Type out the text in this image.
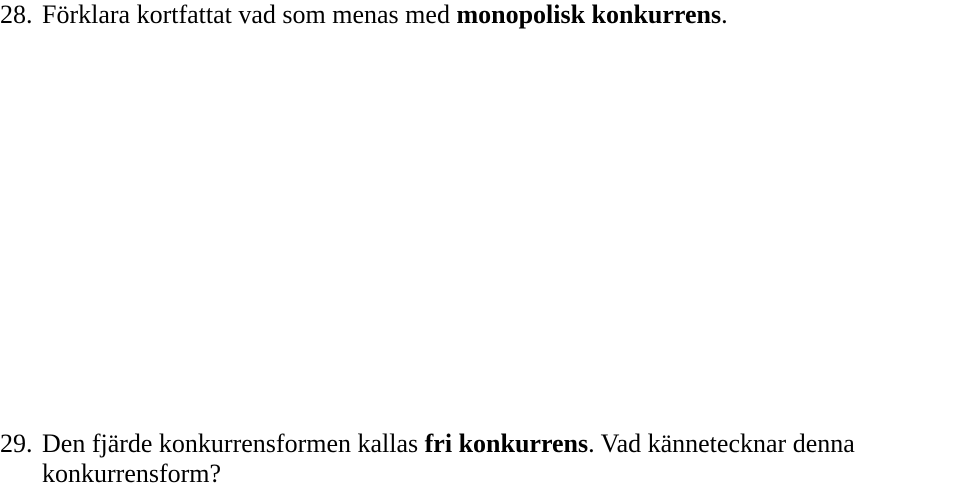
28. Förklara kortfattat vad som menas med monopolisk konkurrens.
29. Den fjärde konkurrensformen kallas fri konkurrens. Vad kännetecknar denna
konkurrensform?
